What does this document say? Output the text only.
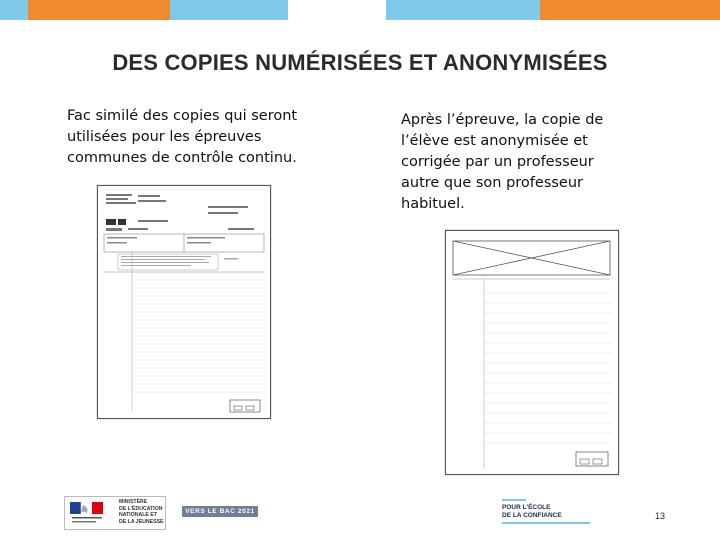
DES COPIES NUMÉRISÉES ET ANONYMISÉES
Fac similé des copies qui seront utilisées pour les épreuves communes de contrôle continu.
Après l’épreuve, la copie de l’élève est anonymisée et corrigée par un professeur autre que son professeur habituel.
MINISTÈRE
DE L'ÉDUCATION
NATIONALE ET
DE LA JEUNESSE
VERS LE BAC 2021
POUR L'ÉCOLE
DE LA CONFIANCE	13
